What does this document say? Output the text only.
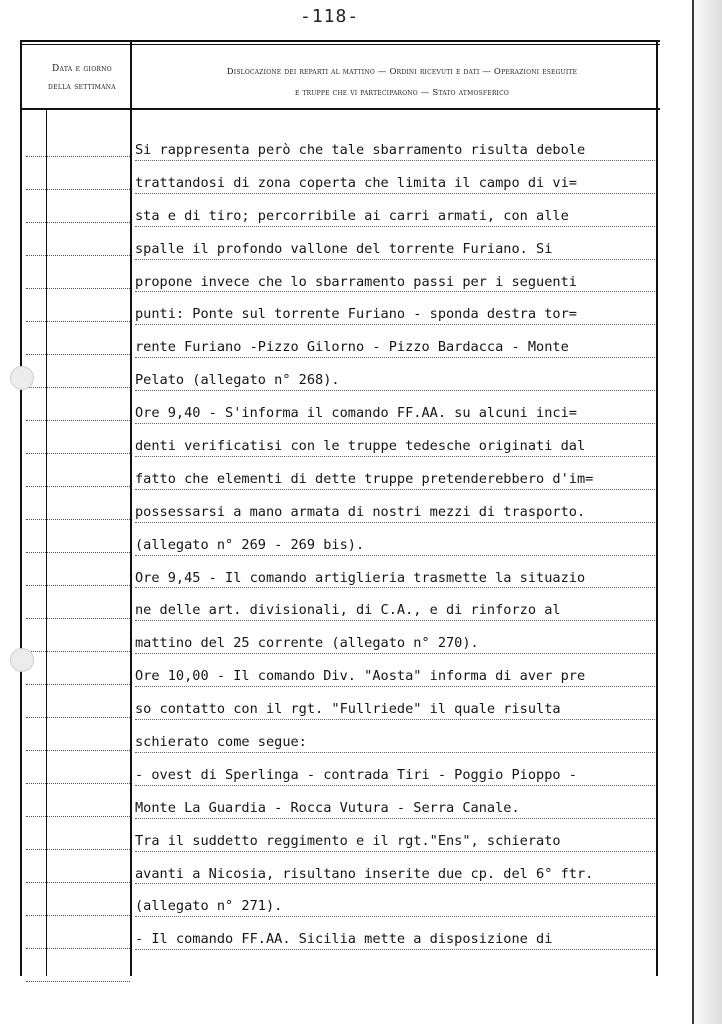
-118-
Data e giorno
della settimana
Dislocazione dei reparti al mattino — Ordini ricevuti e dati — Operazioni eseguite
e truppe che vi parteciparono — Stato atmosferico
Si rappresenta però che tale sbarramento risulta debole
trattandosi di zona coperta che limita il campo di vi=
sta e di tiro; percorribile ai carri armati, con alle
spalle il profondo vallone del torrente Furiano. Si
propone invece che lo sbarramento passi per i seguenti
punti: Ponte sul torrente Furiano - sponda destra tor=
rente Furiano -Pizzo Gilorno - Pizzo Bardacca - Monte
Pelato (allegato n° 268).
Ore 9,40 - S'informa il comando FF.AA. su alcuni inci=
denti verificatisi con le truppe tedesche originati dal
fatto che elementi di dette truppe pretenderebbero d'im=
possessarsi a mano armata di nostri mezzi di trasporto.
(allegato n° 269 - 269 bis).
Ore 9,45 - Il comando artiglieria trasmette la situazio
ne delle art. divisionali, di C.A., e di rinforzo al
mattino del 25 corrente (allegato n° 270).
Ore 10,00 - Il comando Div. "Aosta" informa di aver pre
so contatto con il rgt. "Fullriede" il quale risulta
schierato come segue:
- ovest di Sperlinga - contrada Tiri - Poggio Pioppo -
Monte La Guardia - Rocca Vutura - Serra Canale.
Tra il suddetto reggimento e il rgt."Ens", schierato
avanti a Nicosia, risultano inserite due cp. del 6° ftr.
(allegato n° 271).
- Il comando FF.AA. Sicilia mette a disposizione di
